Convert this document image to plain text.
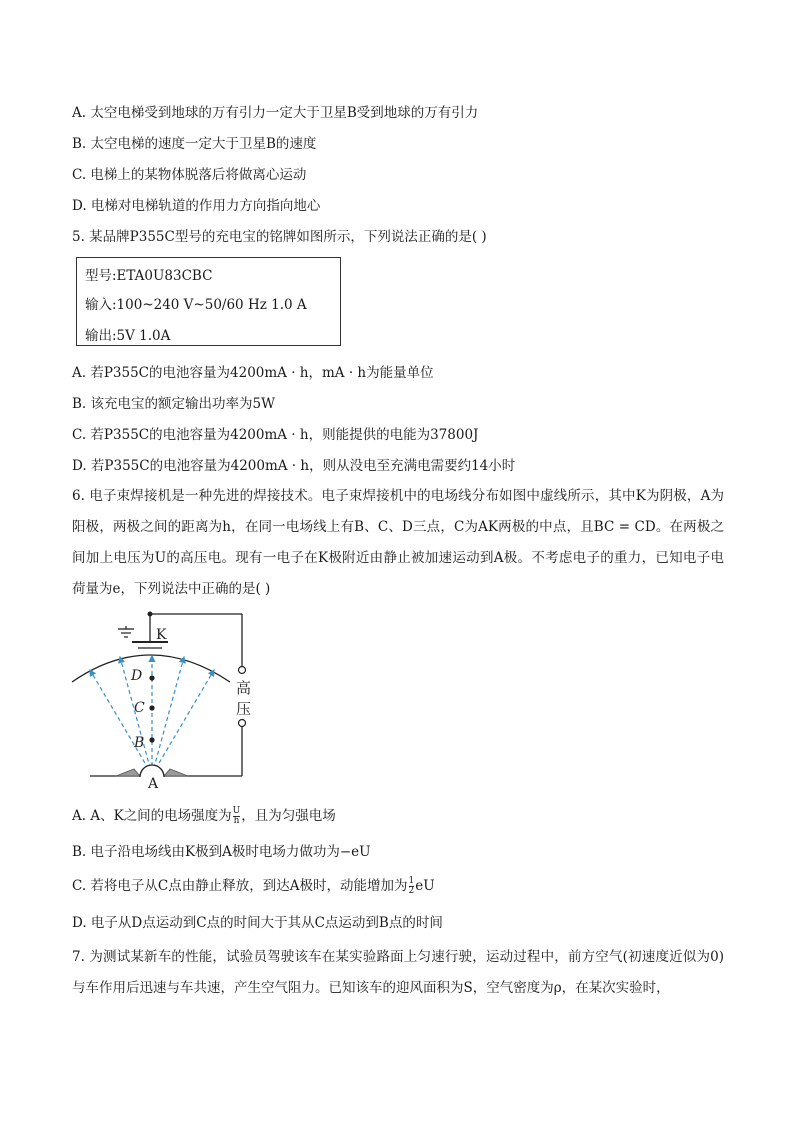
A. 太空电梯受到地球的万有引力一定大于卫星B受到地球的万有引力
B. 太空电梯的速度一定大于卫星B的速度
C. 电梯上的某物体脱落后将做离心运动
D. 电梯对电梯轨道的作用力方向指向地心
5. 某品牌P355C型号的充电宝的铭牌如图所示，下列说法正确的是( )
型号:ETA0U83CBC
输入:100~240 V~50/60 Hz 1.0 A
输出:5V 1.0A
A. 若P355C的电池容量为4200mA · h，mA · h为能量单位
B. 该充电宝的额定输出功率为5W
C. 若P355C的电池容量为4200mA · h，则能提供的电能为37800J
D. 若P355C的电池容量为4200mA · h，则从没电至充满电需要约14小时
6. 电子束焊接机是一种先进的焊接技术。电子束焊接机中的电场线分布如图中虚线所示，其中K为阴极，A为阳极，两极之间的距离为h，在同一电场线上有B、C、D三点，C为AK两极的中点，且BC = CD。在两极之间加上电压为U的高压电。现有一电子在K极附近由静止被加速运动到A极。不考虑电子的重力，已知电子电荷量为e，下列说法中正确的是( )
高
压
K
D
C
B
A
A. A、K之间的电场强度为 $\frac{U}{h}$ ，且为匀强电场
B. 电子沿电场线由K极到A极时电场力做功为−eU
C. 若将电子从C点由静止释放，到达A极时，动能增加为 $\frac{1}{2}$ eU
D. 电子从D点运动到C点的时间大于其从C点运动到B点的时间
7. 为测试某新车的性能，试验员驾驶该车在某实验路面上匀速行驶，运动过程中，前方空气(初速度近似为0)与车作用后迅速与车共速，产生空气阻力。已知该车的迎风面积为S，空气密度为ρ，在某次实验时，
